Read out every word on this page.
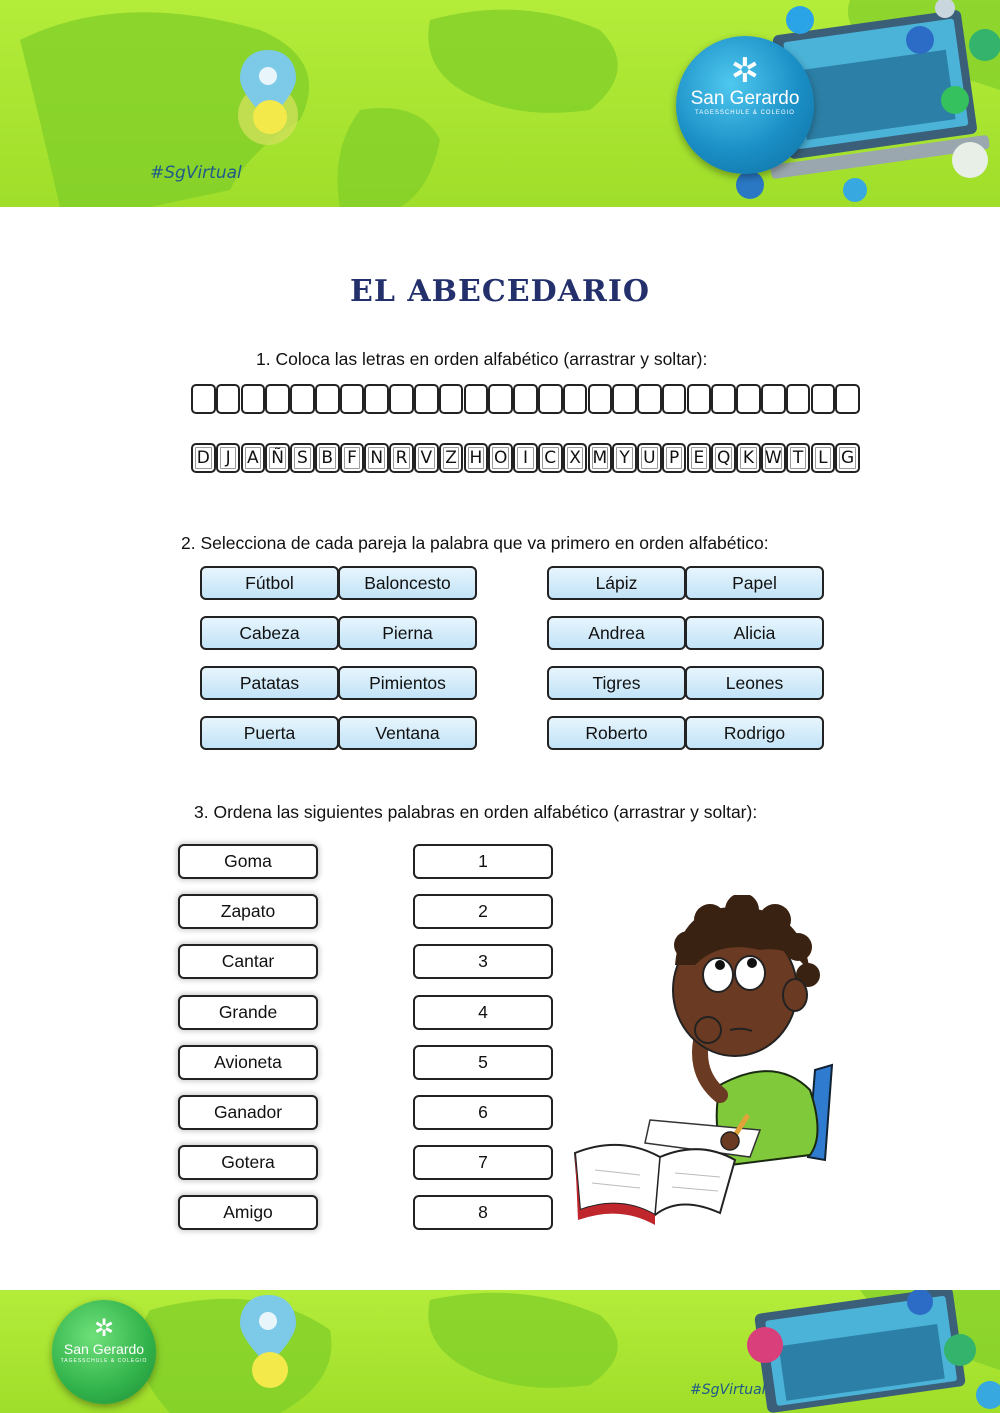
#SgVirtual
✲
San Gerardo
TAGESSCHULE & COLEGIO
EL ABECEDARIO
1. Coloca las letras en orden alfabético (arrastrar y soltar):
D J A Ñ S B F N R V Z H O I C X M Y U P E Q K W T L G
2. Selecciona de cada pareja la palabra que va primero en orden alfabético:
Fútbol	Baloncesto
Cabeza	Pierna
Patatas	Pimientos
Puerta	Ventana
Lápiz	Papel
Andrea	Alicia
Tigres	Leones
Roberto	Rodrigo
3. Ordena las siguientes palabras en orden alfabético (arrastrar y soltar):
Goma
Zapato
Cantar
Grande
Avioneta
Ganador
Gotera
Amigo
1
2
3
4
5
6
7
8
✲
San Gerardo
TAGESSCHULE & COLEGIO
#SgVirtual
